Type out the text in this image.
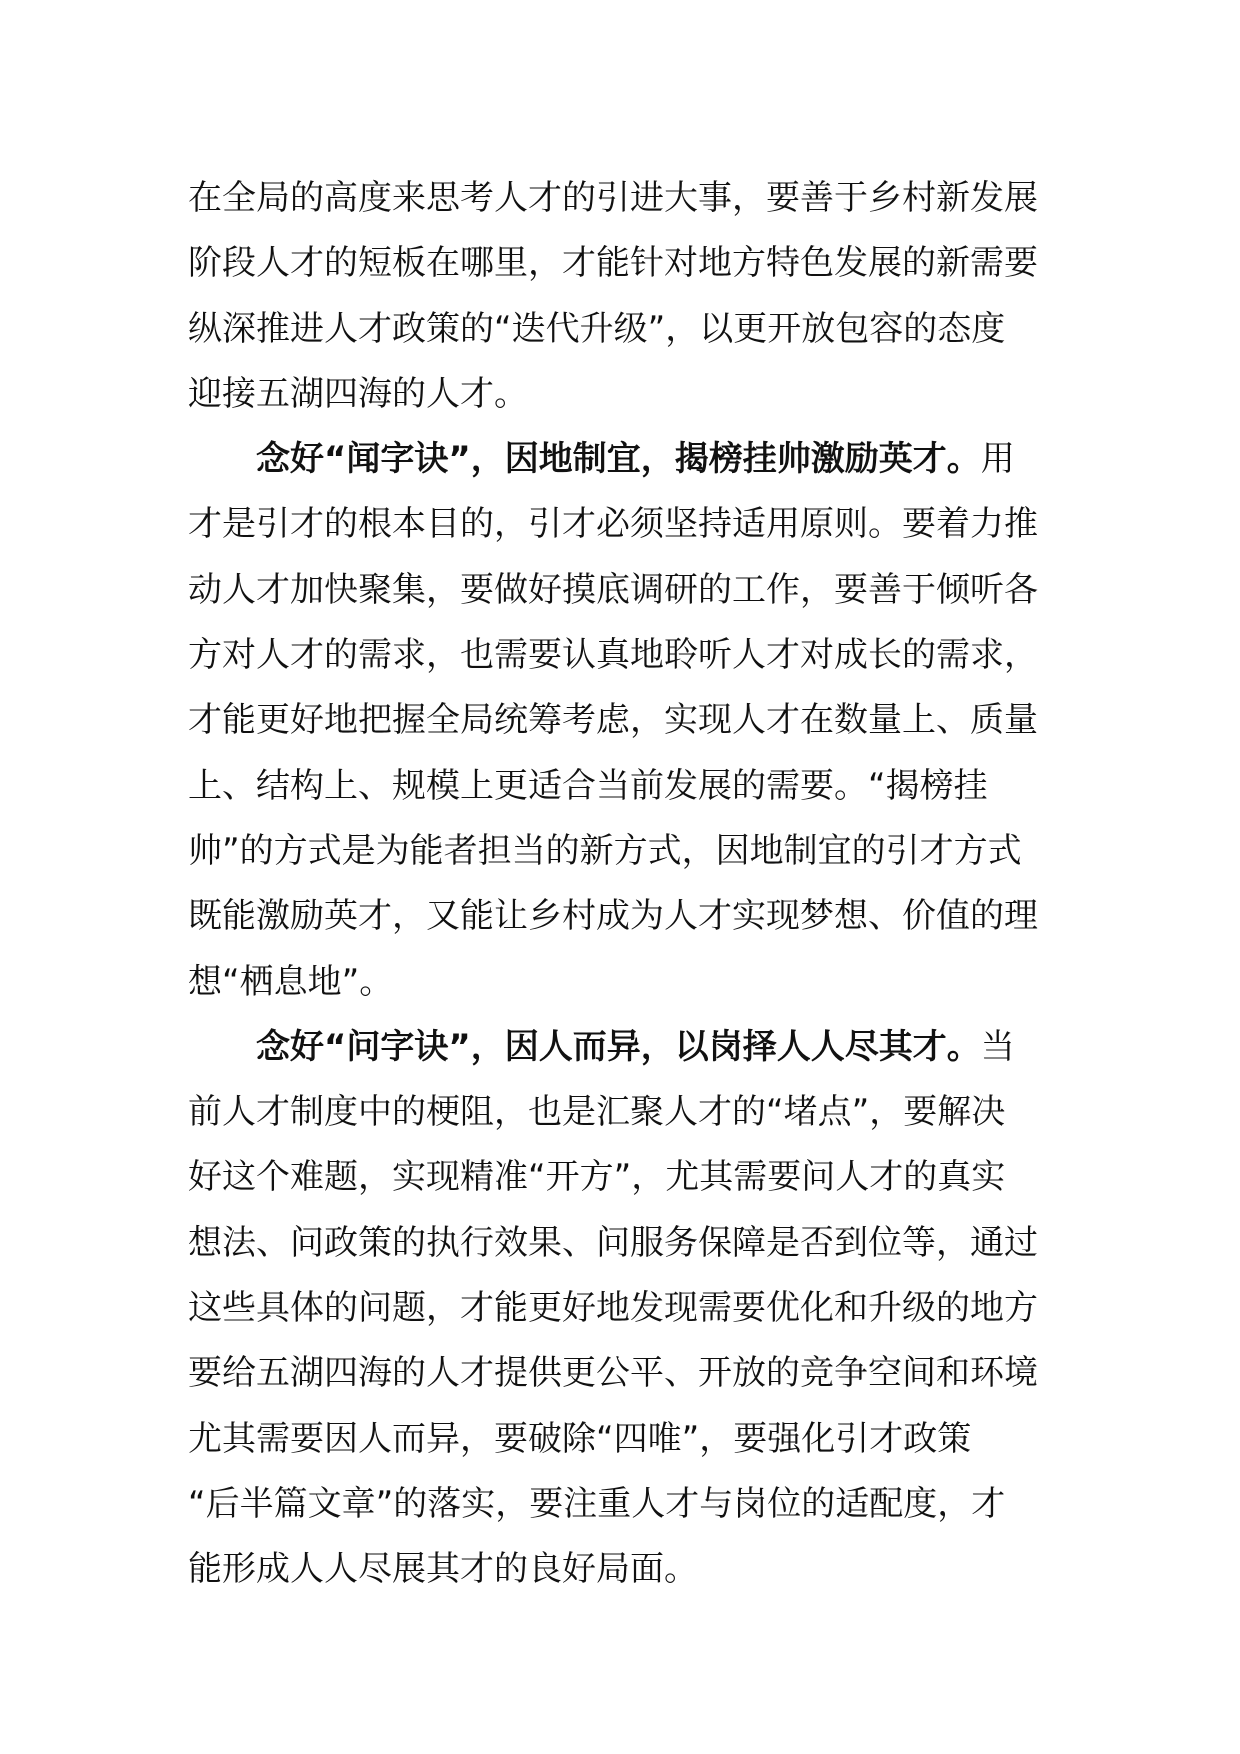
在全局的高度来思考人才的引进大事，要善于乡村新发展
阶段人才的短板在哪里，才能针对地方特色发展的新需要
纵深推进人才政策的“迭代升级”，以更开放包容的态度
迎接五湖四海的人才。
念好“闻字诀”，因地制宜，揭榜挂帅激励英才。用
才是引才的根本目的，引才必须坚持适用原则。要着力推
动人才加快聚集，要做好摸底调研的工作，要善于倾听各
方对人才的需求，也需要认真地聆听人才对成长的需求，
才能更好地把握全局统筹考虑，实现人才在数量上、质量
上、结构上、规模上更适合当前发展的需要。“揭榜挂
帅”的方式是为能者担当的新方式，因地制宜的引才方式
既能激励英才，又能让乡村成为人才实现梦想、价值的理
想“栖息地”。
念好“问字诀”，因人而异，以岗择人人尽其才。当
前人才制度中的梗阻，也是汇聚人才的“堵点”，要解决
好这个难题，实现精准“开方”，尤其需要问人才的真实
想法、问政策的执行效果、问服务保障是否到位等，通过
这些具体的问题，才能更好地发现需要优化和升级的地方
要给五湖四海的人才提供更公平、开放的竞争空间和环境
尤其需要因人而异，要破除“四唯”，要强化引才政策
“后半篇文章”的落实，要注重人才与岗位的适配度，才
能形成人人尽展其才的良好局面。
